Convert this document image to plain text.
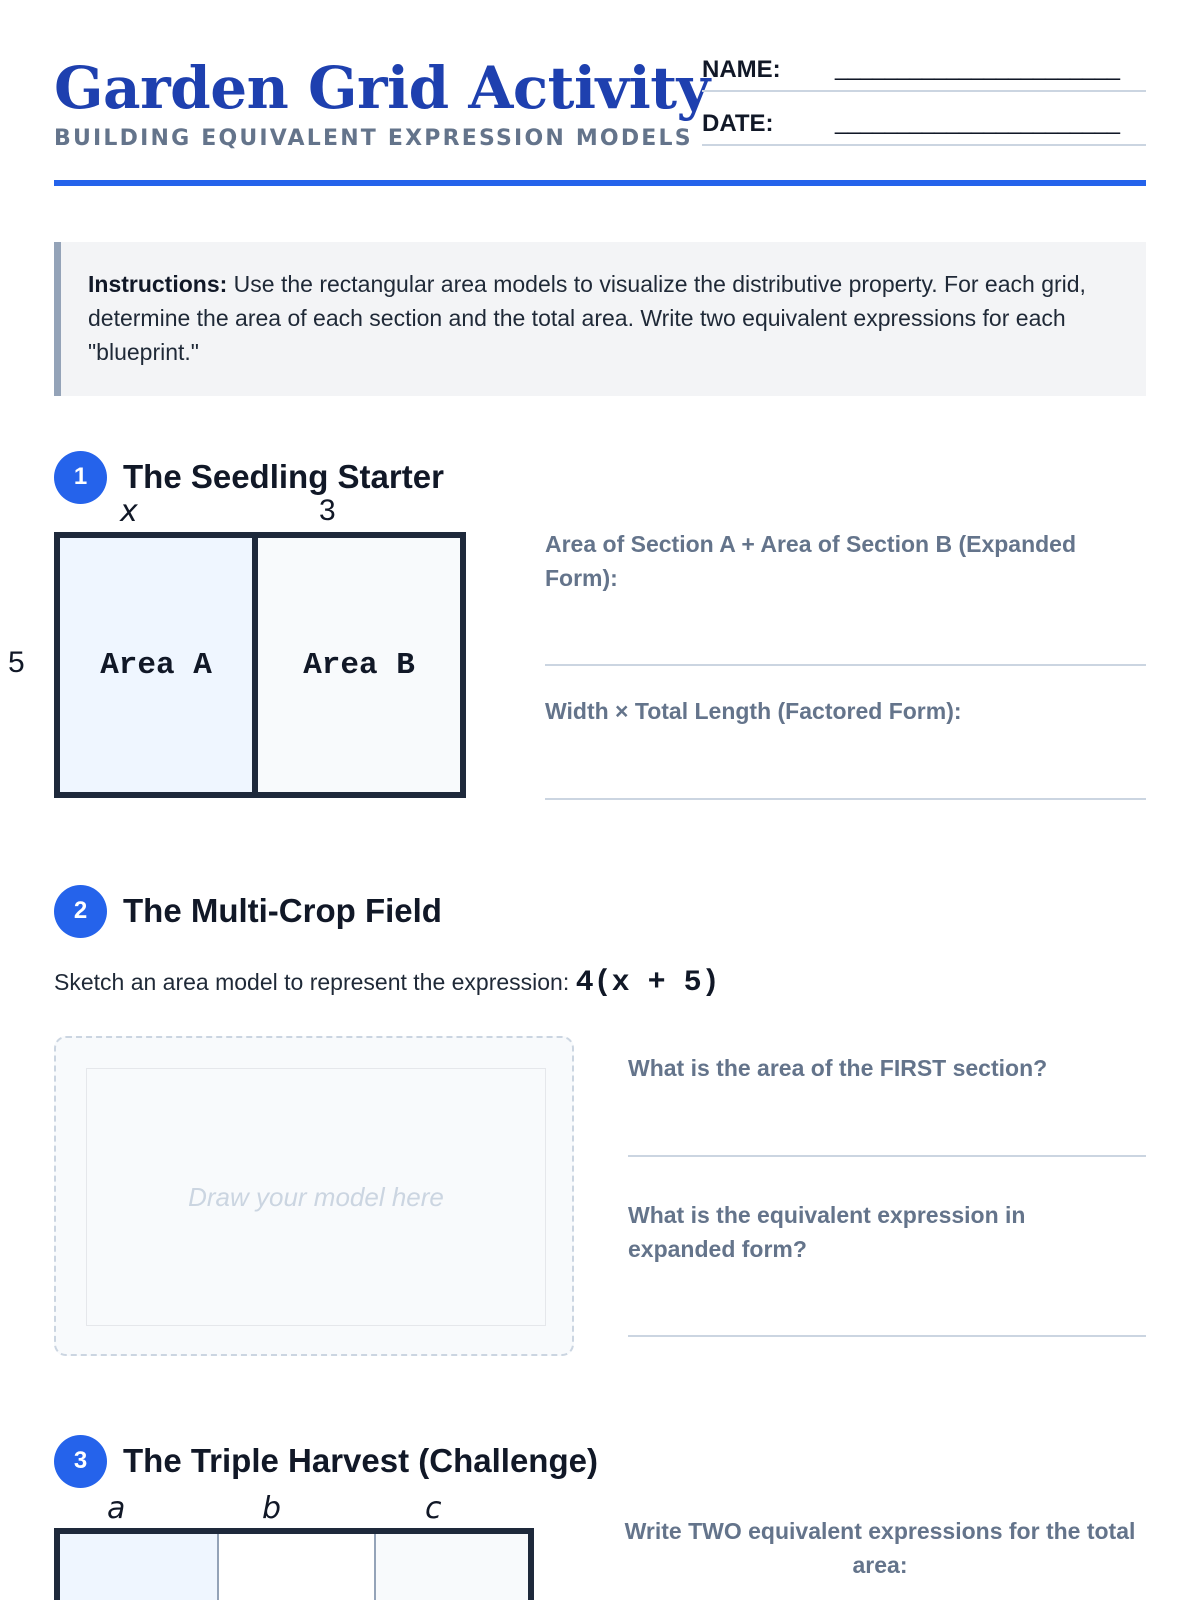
Garden Grid Activity
BUILDING EQUIVALENT EXPRESSION MODELS
NAME: _______________________
DATE:	_______________________
Instructions: Use the rectangular area models to visualize the distributive property. For each grid, determine the area of each section and the total area. Write two equivalent expressions for each "blueprint."
1	The Seedling Starter
x	3
5	Area A	Area B
Area of Section A + Area of Section B (Expanded Form):
Width × Total Length (Factored Form):
2	The Multi-Crop Field
Sketch an area model to represent the expression: 4(x + 5)
Draw your model here
What is the area of the FIRST section?
What is the equivalent expression in expanded form?
3	The Triple Harvest (Challenge)
a	b	c
Write TWO equivalent expressions for the total area:
